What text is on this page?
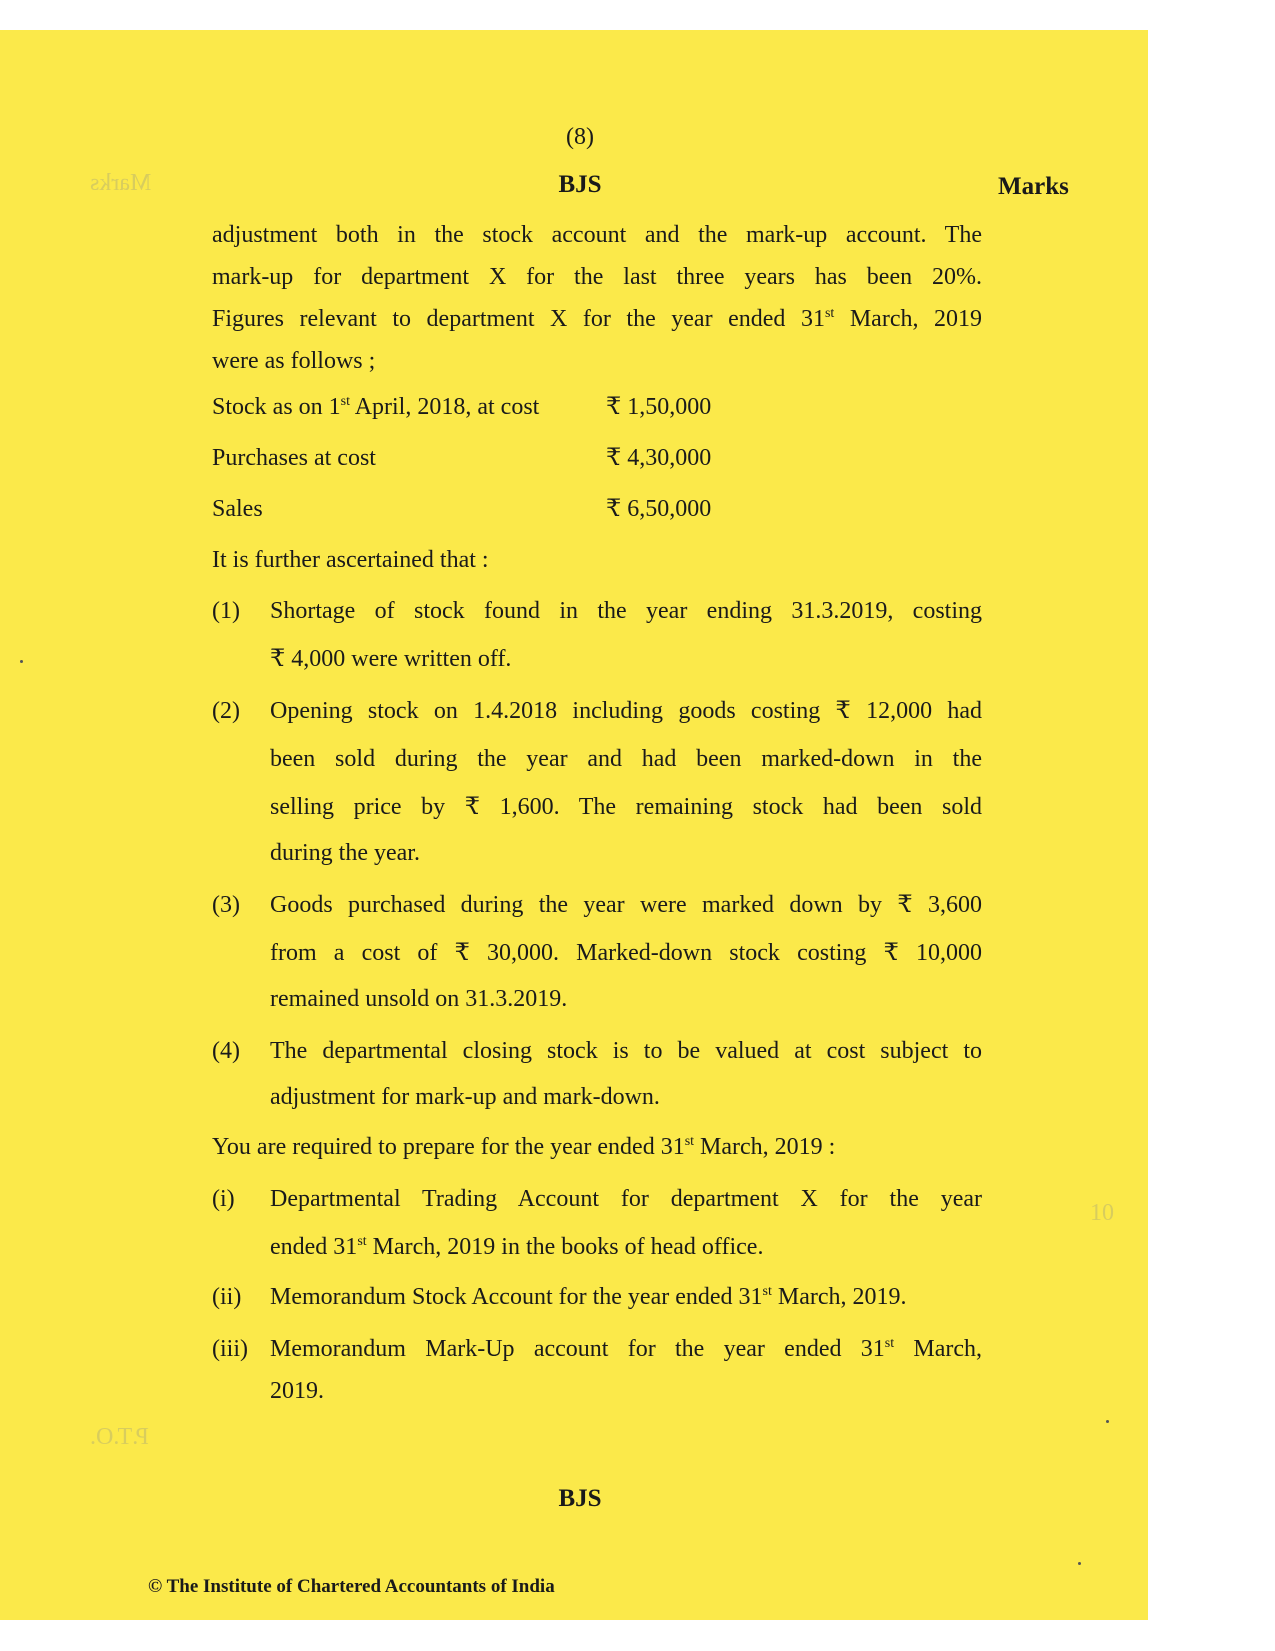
Marks
P.T.O.
10
(8)
BJS	Marks
adjustment both in the stock account and the mark-up account. The
mark-up for department X for the last three years has been 20%.
Figures relevant to department X for the year ended 31st March, 2019
were as follows ;
Stock as on 1st April, 2018, at cost	₹ 1,50,000
Purchases at cost	₹ 4,30,000
Sales	₹ 6,50,000
It is further ascertained that :
(1) Shortage of stock found in the year ending 31.3.2019, costing
₹ 4,000 were written off.
(2) Opening stock on 1.4.2018 including goods costing ₹ 12,000 had
been sold during the year and had been marked-down in the
selling price by ₹ 1,600. The remaining stock had been sold
during the year.
(3) Goods purchased during the year were marked down by ₹ 3,600
from a cost of ₹ 30,000. Marked-down stock costing ₹ 10,000
remained unsold on 31.3.2019.
(4) The departmental closing stock is to be valued at cost subject to
adjustment for mark-up and mark-down.
You are required to prepare for the year ended 31st March, 2019 :
(i) Departmental Trading Account for department X for the year
ended 31st March, 2019 in the books of head office.
(ii) Memorandum Stock Account for the year ended 31st March, 2019.
(iii) Memorandum Mark-Up account for the year ended 31st March,
2019.
BJS
© The Institute of Chartered Accountants of India
